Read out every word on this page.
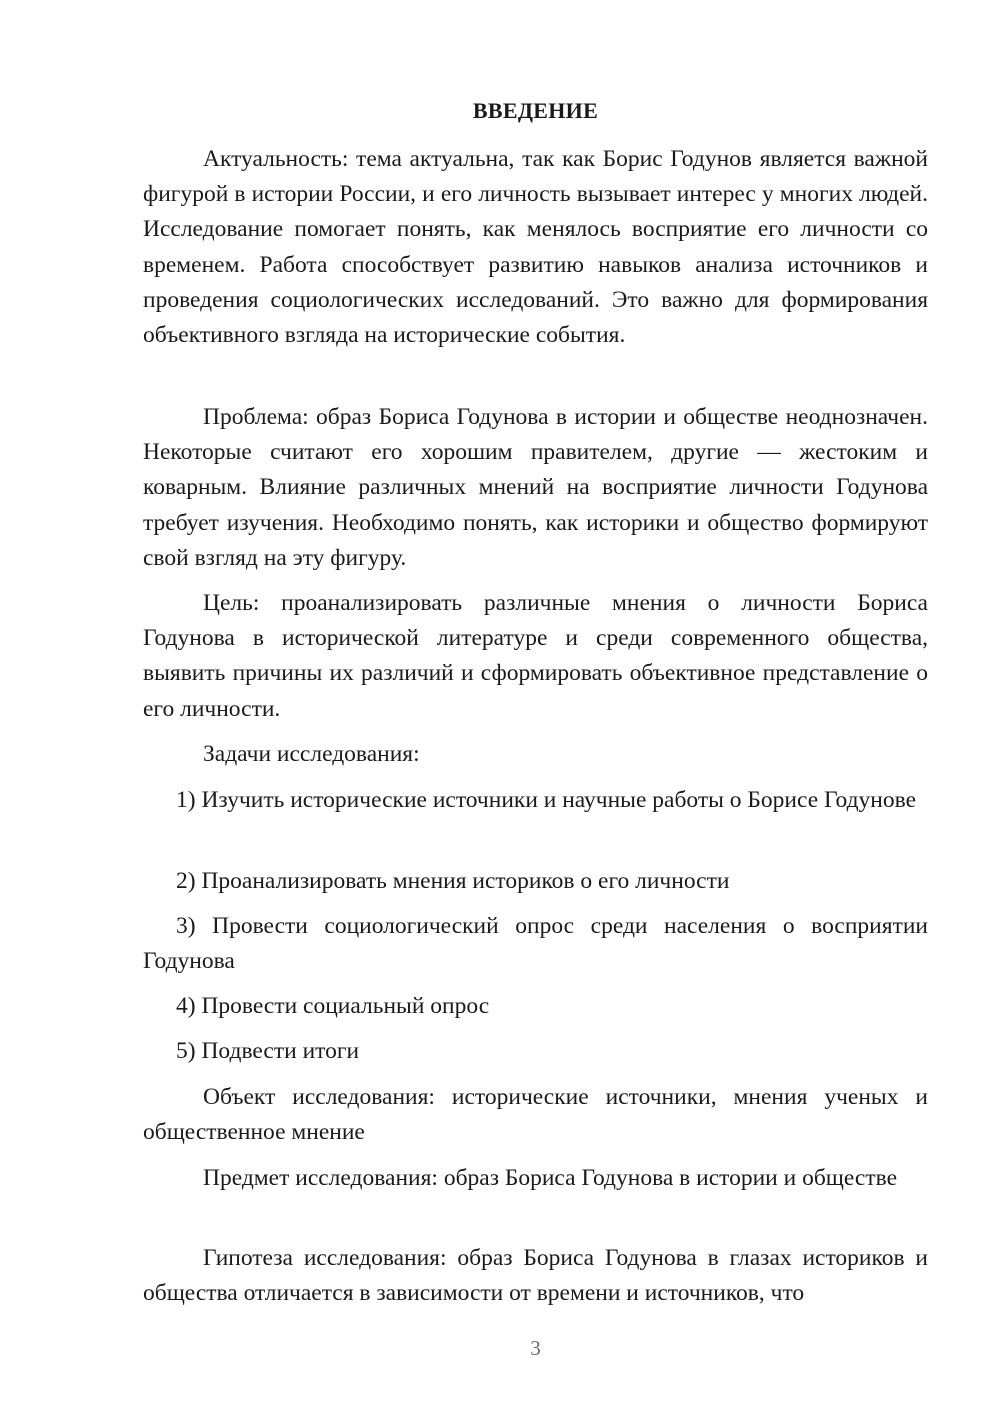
ВВЕДЕНИЕ

Актуальность: тема актуальна, так как Борис Годунов является важной фигурой в истории России, и его личность вызывает интерес у многих людей. Исследование помогает понять, как менялось восприятие его личности со временем. Работа способствует развитию навыков анализа источников и проведения социологических исследований. Это важно для формирования объективного взгляда на исторические события.

Проблема: образ Бориса Годунова в истории и обществе неоднозначен. Некоторые считают его хорошим правителем, другие — жестоким и коварным. Влияние различных мнений на восприятие личности Годунова требует изучения. Необходимо понять, как историки и общество формируют свой взгляд на эту фигуру.

Цель: проанализировать различные мнения о личности Бориса Годунова в исторической литературе и среди современного общества, выявить причины их различий и сформировать объективное представление о его личности.

Задачи исследования:

1) Изучить исторические источники и научные работы о Борисе Годунове

2) Проанализировать мнения историков о его личности

3) Провести социологический опрос среди населения о восприятии Годунова

4) Провести социальный опрос

5) Подвести итоги

Объект исследования: исторические источники, мнения ученых и общественное мнение

Предмет исследования: образ Бориса Годунова в истории и обществе

Гипотеза исследования: образ Бориса Годунова в глазах историков и общества отличается в зависимости от времени и источников, что

3
